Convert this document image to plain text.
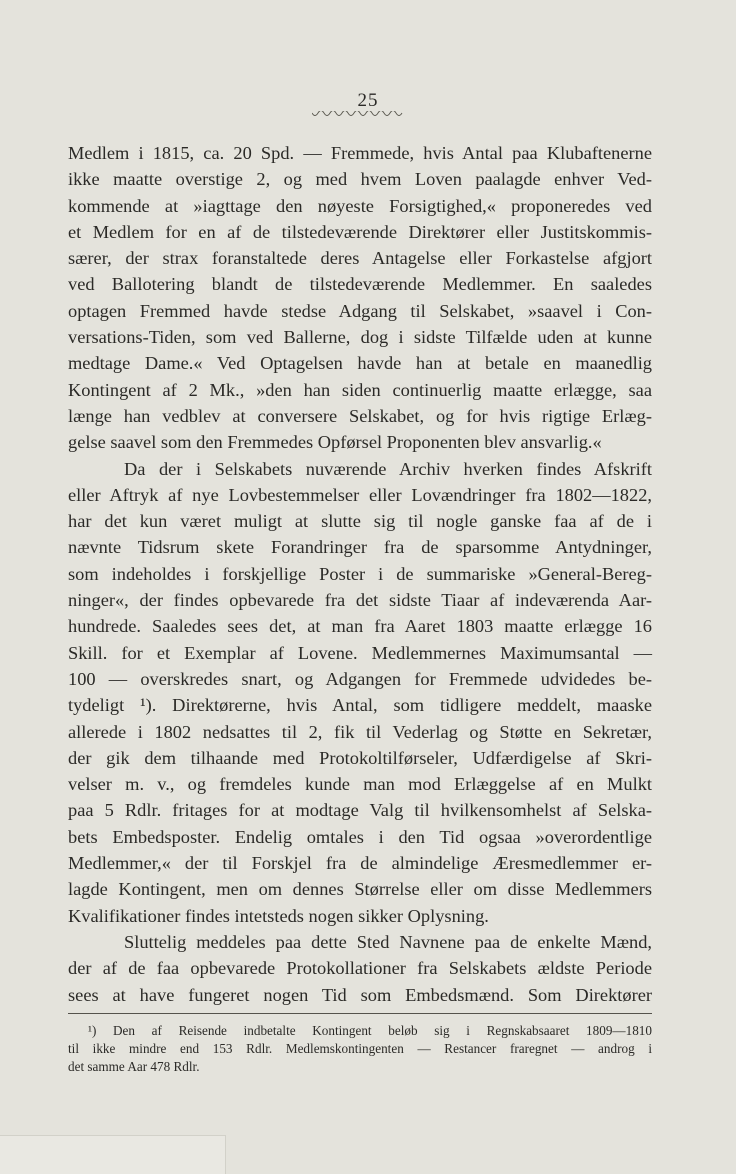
25
Medlem i 1815, ca. 20 Spd. — Fremmede, hvis Antal paa Klubaftenerne
ikke maatte overstige 2, og med hvem Loven paalagde enhver Ved-
kommende at »iagttage den nøyeste Forsigtighed,« proponeredes ved
et Medlem for en af de tilstedeværende Direktører eller Justitskommis-
særer, der strax foranstaltede deres Antagelse eller Forkastelse afgjort
ved Ballotering blandt de tilstedeværende Medlemmer. En saaledes
optagen Fremmed havde stedse Adgang til Selskabet, »saavel i Con-
versations-Tiden, som ved Ballerne, dog i sidste Tilfælde uden at kunne
medtage Dame.« Ved Optagelsen havde han at betale en maanedlig
Kontingent af 2 Mk., »den han siden continuerlig maatte erlægge, saa
længe han vedblev at conversere Selskabet, og for hvis rigtige Erlæg-
gelse saavel som den Fremmedes Opførsel Proponenten blev ansvarlig.«
Da der i Selskabets nuværende Archiv hverken findes Afskrift
eller Aftryk af nye Lovbestemmelser eller Lovændringer fra 1802—1822,
har det kun været muligt at slutte sig til nogle ganske faa af de i
nævnte Tidsrum skete Forandringer fra de sparsomme Antydninger,
som indeholdes i forskjellige Poster i de summariske »General-Bereg-
ninger«, der findes opbevarede fra det sidste Tiaar af indeværenda Aar-
hundrede. Saaledes sees det, at man fra Aaret 1803 maatte erlægge 16
Skill. for et Exemplar af Lovene. Medlemmernes Maximumsantal —
100 — overskredes snart, og Adgangen for Fremmede udvidedes be-
tydeligt ¹). Direktørerne, hvis Antal, som tidligere meddelt, maaske
allerede i 1802 nedsattes til 2, fik til Vederlag og Støtte en Sekretær,
der gik dem tilhaande med Protokoltilførseler, Udfærdigelse af Skri-
velser m. v., og fremdeles kunde man mod Erlæggelse af en Mulkt
paa 5 Rdlr. fritages for at modtage Valg til hvilkensomhelst af Selska-
bets Embedsposter. Endelig omtales i den Tid ogsaa »overordentlige
Medlemmer,« der til Forskjel fra de almindelige Æresmedlemmer er-
lagde Kontingent, men om dennes Størrelse eller om disse Medlemmers
Kvalifikationer findes intetsteds nogen sikker Oplysning.
Sluttelig meddeles paa dette Sted Navnene paa de enkelte Mænd,
der af de faa opbevarede Protokollationer fra Selskabets ældste Periode
sees at have fungeret nogen Tid som Embedsmænd. Som Direktører
¹) Den af Reisende indbetalte Kontingent beløb sig i Regnskabsaaret 1809—1810
til ikke mindre end 153 Rdlr. Medlemskontingenten — Restancer fraregnet — androg i
det samme Aar 478 Rdlr.
